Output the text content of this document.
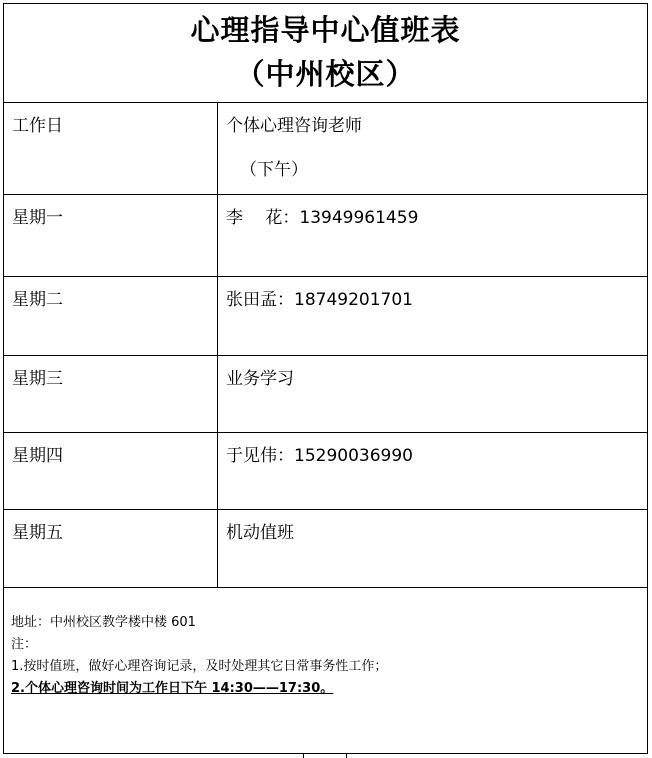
心理指导中心值班表
（中州校区）
工作日	个体心理咨询老师
（下午）
星期一	李　 花：13949961459
星期二	张田孟：18749201701
星期三	业务学习
星期四	于见伟：15290036990
星期五	机动值班
地址：中州校区教学楼中楼 601
注：
1.按时值班，做好心理咨询记录，及时处理其它日常事务性工作；
2.个体心理咨询时间为工作日下午 14:30——17:30。
